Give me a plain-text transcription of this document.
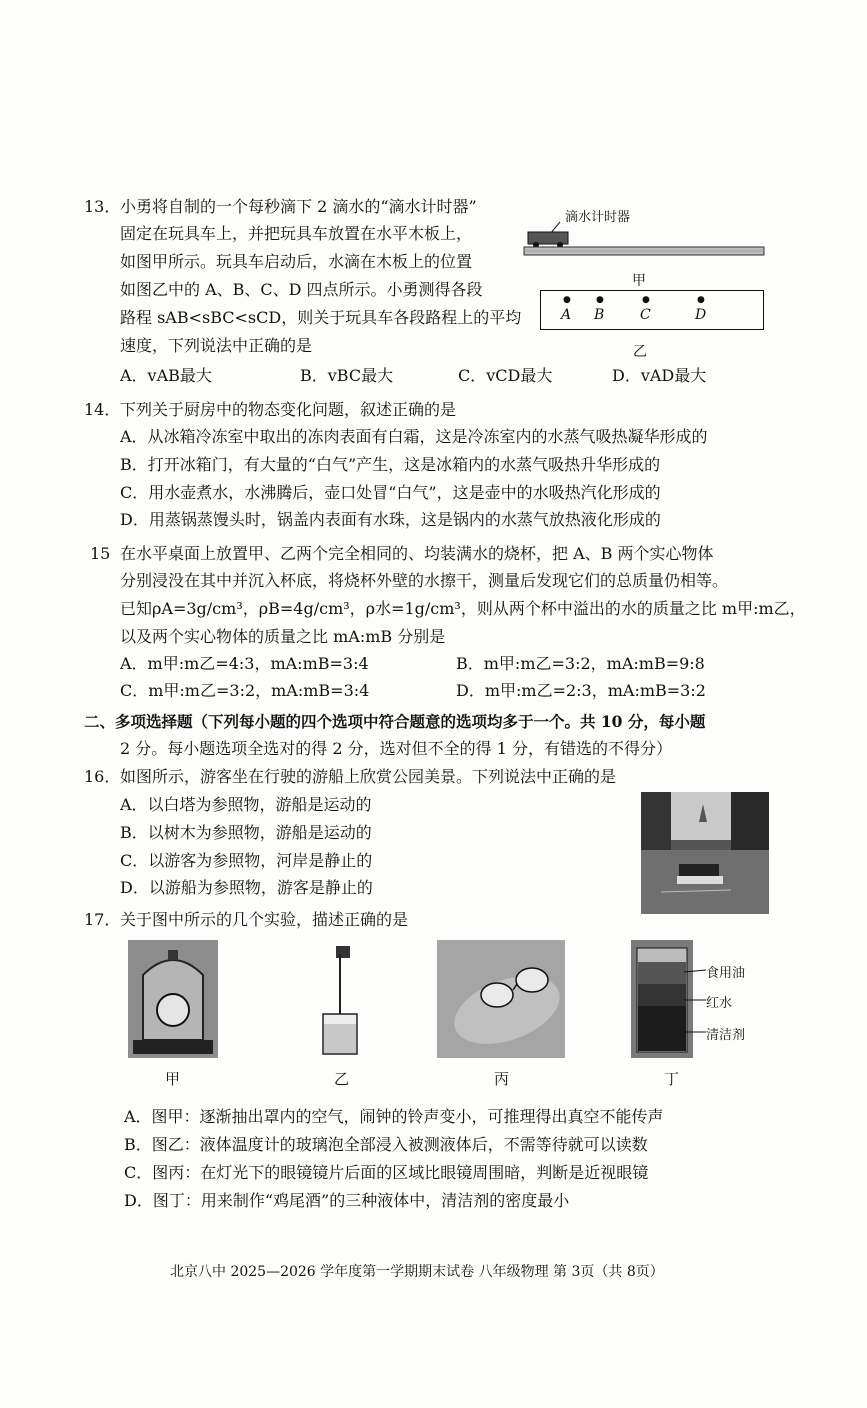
13． 小勇将自制的一个每秒滴下 2 滴水的“滴水计时器”
固定在玩具车上，并把玩具车放置在水平木板上，
如图甲所示。玩具车启动后，水滴在木板上的位置
如图乙中的 A、B、C、D 四点所示。小勇测得各段
路程 sAB<sBC<sCD，则关于玩具车各段路程上的平均
速度，下列说法中正确的是
A．vAB最大	B．vBC最大	C．vCD最大	D．vAD最大
滴水计时器
甲
●
A
●
B
●
C
●
D
乙
14． 下列关于厨房中的物态变化问题，叙述正确的是
A．从冰箱冷冻室中取出的冻肉表面有白霜，这是冷冻室内的水蒸气吸热凝华形成的
B．打开冰箱门，有大量的“白气”产生，这是冰箱内的水蒸气吸热升华形成的
C．用水壶煮水，水沸腾后，壶口处冒“白气”，这是壶中的水吸热汽化形成的
D．用蒸锅蒸馒头时，锅盖内表面有水珠，这是锅内的水蒸气放热液化形成的
15 在水平桌面上放置甲、乙两个完全相同的、均装满水的烧杯，把 A、B 两个实心物体
分别浸没在其中并沉入杯底，将烧杯外壁的水擦干，测量后发现它们的总质量仍相等。
已知ρA=3g/cm³，ρB=4g/cm³，ρ水=1g/cm³，则从两个杯中溢出的水的质量之比 m甲:m乙，
以及两个实心物体的质量之比 mA:mB 分别是
A．m甲:m乙=4:3，mA:mB=3:4	B．m甲:m乙=3:2，mA:mB=9:8
C．m甲:m乙=3:2，mA:mB=3:4	D．m甲:m乙=2:3，mA:mB=3:2
二、多项选择题（下列每小题的四个选项中符合题意的选项均多于一个。共 10 分，每小题
2 分。每小题选项全选对的得 2 分，选对但不全的得 1 分，有错选的不得分）
16． 如图所示，游客坐在行驶的游船上欣赏公园美景。下列说法中正确的是
A．以白塔为参照物，游船是运动的
B．以树木为参照物，游船是运动的
C．以游客为参照物，河岸是静止的
D．以游船为参照物，游客是静止的
17． 关于图中所示的几个实验，描述正确的是
甲	乙	丙
食用油
红水
清洁剂
丁
A．图甲：逐渐抽出罩内的空气，闹钟的铃声变小，可推理得出真空不能传声
B．图乙：液体温度计的玻璃泡全部浸入被测液体后，不需等待就可以读数
C．图丙：在灯光下的眼镜镜片后面的区域比眼镜周围暗，判断是近视眼镜
D．图丁：用来制作“鸡尾酒”的三种液体中，清洁剂的密度最小
北京八中 2025—2026 学年度第一学期期末试卷 八年级物理 第 3页（共 8页）
